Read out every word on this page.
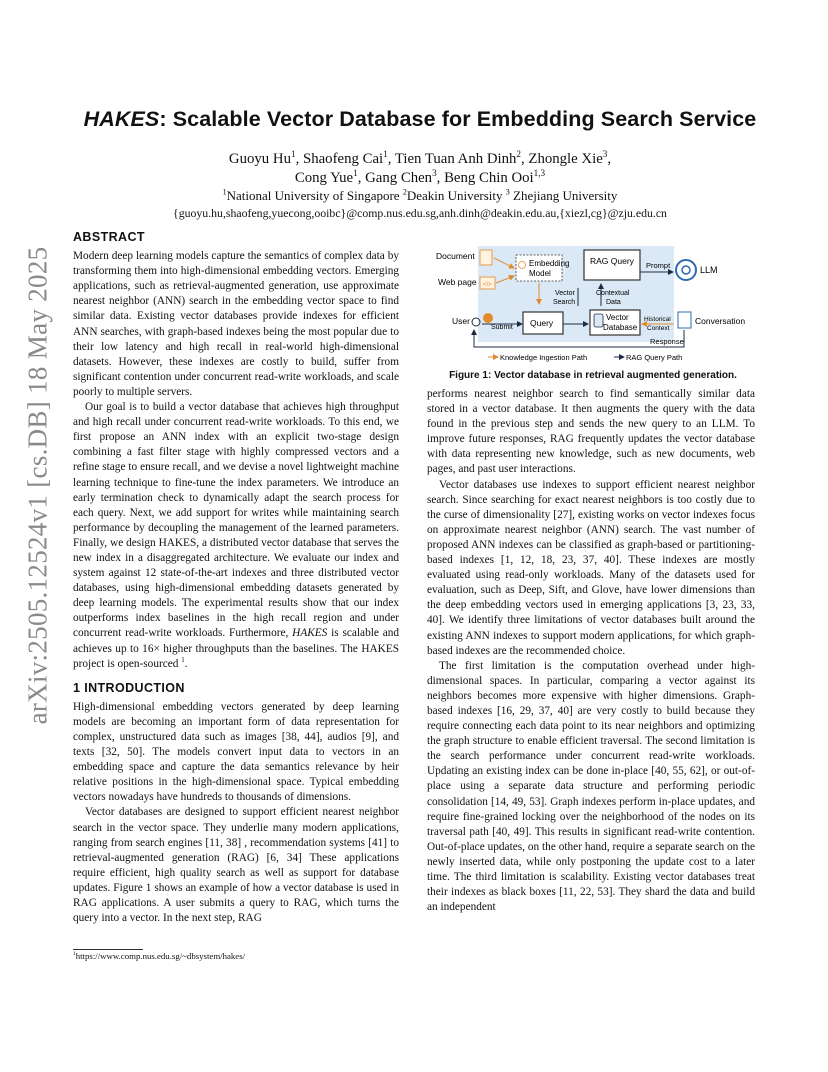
arXiv:2505.12524v1 [cs.DB] 18 May 2025
HAKES: Scalable Vector Database for Embedding Search Service
Guoyu Hu$^1$, Shaofeng Cai$^1$, Tien Tuan Anh Dinh$^2$, Zhongle Xie$^3$,
Cong Yue$^1$, Gang Chen$^3$, Beng Chin Ooi$^{1,3}$
$^1$National University of Singapore $^2$Deakin University $^3$ Zhejiang University
{guoyu.hu,shaofeng,yuecong,ooibc}@comp.nus.edu.sg,anh.dinh@deakin.edu.au,{xiezl,cg}@zju.edu.cn
ABSTRACT

Modern deep learning models capture the semantics of complex data by transforming them into high-dimensional embedding vectors. Emerging applications, such as retrieval-augmented generation, use approximate nearest neighbor (ANN) search in the embedding vector space to find similar data. Existing vector databases provide indexes for efficient ANN searches, with graph-based indexes being the most popular due to their low latency and high recall in real-world high-dimensional datasets. However, these indexes are costly to build, suffer from significant contention under concurrent read-write workloads, and scale poorly to multiple servers.

Our goal is to build a vector database that achieves high throughput and high recall under concurrent read-write workloads. To this end, we first propose an ANN index with an explicit two-stage design combining a fast filter stage with highly compressed vectors and a refine stage to ensure recall, and we devise a novel lightweight machine learning technique to fine-tune the index parameters. We introduce an early termination check to dynamically adapt the search process for each query. Next, we add support for writes while maintaining search performance by decoupling the management of the learned parameters. Finally, we design HAKES, a distributed vector database that serves the new index in a disaggregated architecture. We evaluate our index and system against 12 state-of-the-art indexes and three distributed vector databases, using high-dimensional embedding datasets generated by deep learning models. The experimental results show that our index outperforms index baselines in the high recall region and under concurrent read-write workloads. Furthermore, HAKES is scalable and achieves up to 16× higher throughputs than the baselines. The HAKES project is open-sourced $^1$.

1 INTRODUCTION

High-dimensional embedding vectors generated by deep learning models are becoming an important form of data representation for complex, unstructured data such as images [38, 44], audios [9], and texts [32, 50]. The models convert input data to vectors in an embedding space and capture the data semantics relevance by heir relative positions in the high-dimensional space. Typical embedding vectors nowadays have hundreds to thousands of dimensions.

Vector databases are designed to support efficient nearest neighbor search in the vector space. They underlie many modern applications, ranging from search engines [11, 38] , recommendation systems [41] to retrieval-augmented generation (RAG) [6, 34] These applications require efficient, high quality search as well as support for database updates. Figure 1 shows an example of how a vector database is used in RAG applications. A user submits a query to RAG, which turns the query into a vector. In the next step, RAG

Document
Web page </>
Embedding
Model
RAG Query Prompt	LLM
Vector
Search
Contextual
Data
User
Submit Query
Vector
Database
Historical
Context
Conversation
Response
Knowledge Ingestion Path	RAG Query Path
Figure 1: Vector database in retrieval augmented generation.

performs nearest neighbor search to find semantically similar data stored in a vector database. It then augments the query with the data found in the previous step and sends the new query to an LLM. To improve future responses, RAG frequently updates the vector database with data representing new knowledge, such as new documents, web pages, and past user interactions.

Vector databases use indexes to support efficient nearest neighbor search. Since searching for exact nearest neighbors is too costly due to the curse of dimensionality [27], existing works on vector indexes focus on approximate nearest neighbor (ANN) search. The vast number of proposed ANN indexes can be classified as graph-based or partitioning-based indexes [1, 12, 18, 23, 37, 40]. These indexes are mostly evaluated using read-only workloads. Many of the datasets used for evaluation, such as Deep, Sift, and Glove, have lower dimensions than the deep embedding vectors used in emerging applications [3, 23, 33, 40]. We identify three limitations of vector databases built around the existing ANN indexes to support modern applications, for which graph-based indexes are the recommended choice.

The first limitation is the computation overhead under high-dimensional spaces. In particular, comparing a vector against its neighbors becomes more expensive with higher dimensions. Graph-based indexes [16, 29, 37, 40] are very costly to build because they require connecting each data point to its near neighbors and optimizing the graph structure to enable efficient traversal. The second limitation is the search performance under concurrent read-write workloads. Updating an existing index can be done in-place [40, 55, 62], or out-of-place using a separate data structure and performing periodic consolidation [14, 49, 53]. Graph indexes perform in-place updates, and require fine-grained locking over the neighborhood of the nodes on its traversal path [40, 49]. This results in significant read-write contention. Out-of-place updates, on the other hand, require a separate search on the newly inserted data, while only postponing the update cost to a later time. The third limitation is scalability. Existing vector databases treat their indexes as black boxes [11, 22, 53]. They shard the data and build an independent

$^1$https://www.comp.nus.edu.sg/~dbsystem/hakes/
